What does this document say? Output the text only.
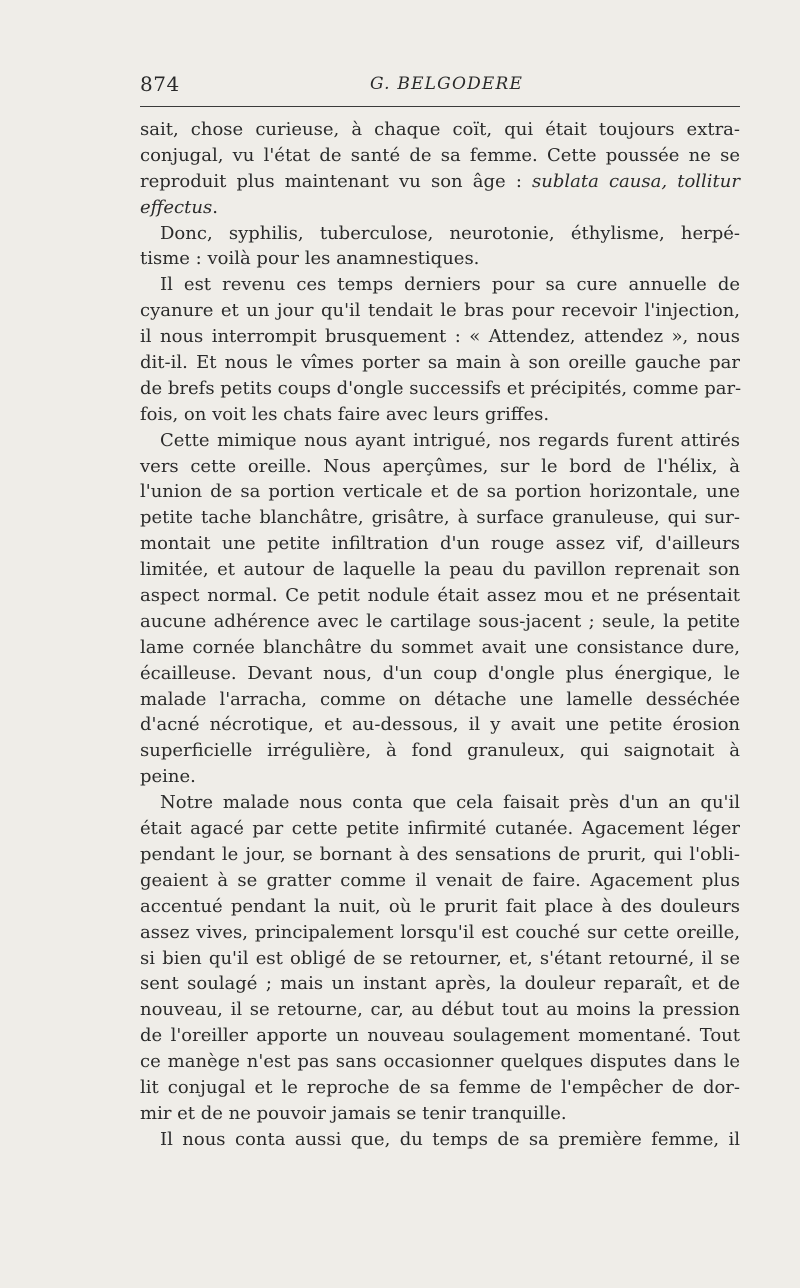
874	G. BELGODERE
sait, chose curieuse, à chaque coït, qui était toujours extra-
conjugal, vu l'état de santé de sa femme. Cette poussée ne se
reproduit plus maintenant vu son âge : sublata causa, tollitur
effectus.
Donc, syphilis, tuberculose, neurotonie, éthylisme, herpé-
tisme : voilà pour les anamnestiques.
Il est revenu ces temps derniers pour sa cure annuelle de
cyanure et un jour qu'il tendait le bras pour recevoir l'injection,
il nous interrompit brusquement : « Attendez, attendez », nous
dit-il. Et nous le vîmes porter sa main à son oreille gauche par
de brefs petits coups d'ongle successifs et précipités, comme par-
fois, on voit les chats faire avec leurs griffes.
Cette mimique nous ayant intrigué, nos regards furent attirés
vers cette oreille. Nous aperçûmes, sur le bord de l'hélix, à
l'union de sa portion verticale et de sa portion horizontale, une
petite tache blanchâtre, grisâtre, à surface granuleuse, qui sur-
montait une petite infiltration d'un rouge assez vif, d'ailleurs
limitée, et autour de laquelle la peau du pavillon reprenait son
aspect normal. Ce petit nodule était assez mou et ne présentait
aucune adhérence avec le cartilage sous-jacent ; seule, la petite
lame cornée blanchâtre du sommet avait une consistance dure,
écailleuse. Devant nous, d'un coup d'ongle plus énergique, le
malade l'arracha, comme on détache une lamelle desséchée
d'acné nécrotique, et au-dessous, il y avait une petite érosion
superficielle irrégulière, à fond granuleux, qui saignotait à
peine.
Notre malade nous conta que cela faisait près d'un an qu'il
était agacé par cette petite infirmité cutanée. Agacement léger
pendant le jour, se bornant à des sensations de prurit, qui l'obli-
geaient à se gratter comme il venait de faire. Agacement plus
accentué pendant la nuit, où le prurit fait place à des douleurs
assez vives, principalement lorsqu'il est couché sur cette oreille,
si bien qu'il est obligé de se retourner, et, s'étant retourné, il se
sent soulagé ; mais un instant après, la douleur reparaît, et de
nouveau, il se retourne, car, au début tout au moins la pression
de l'oreiller apporte un nouveau soulagement momentané. Tout
ce manège n'est pas sans occasionner quelques disputes dans le
lit conjugal et le reproche de sa femme de l'empêcher de dor-
mir et de ne pouvoir jamais se tenir tranquille.
Il nous conta aussi que, du temps de sa première femme, il
